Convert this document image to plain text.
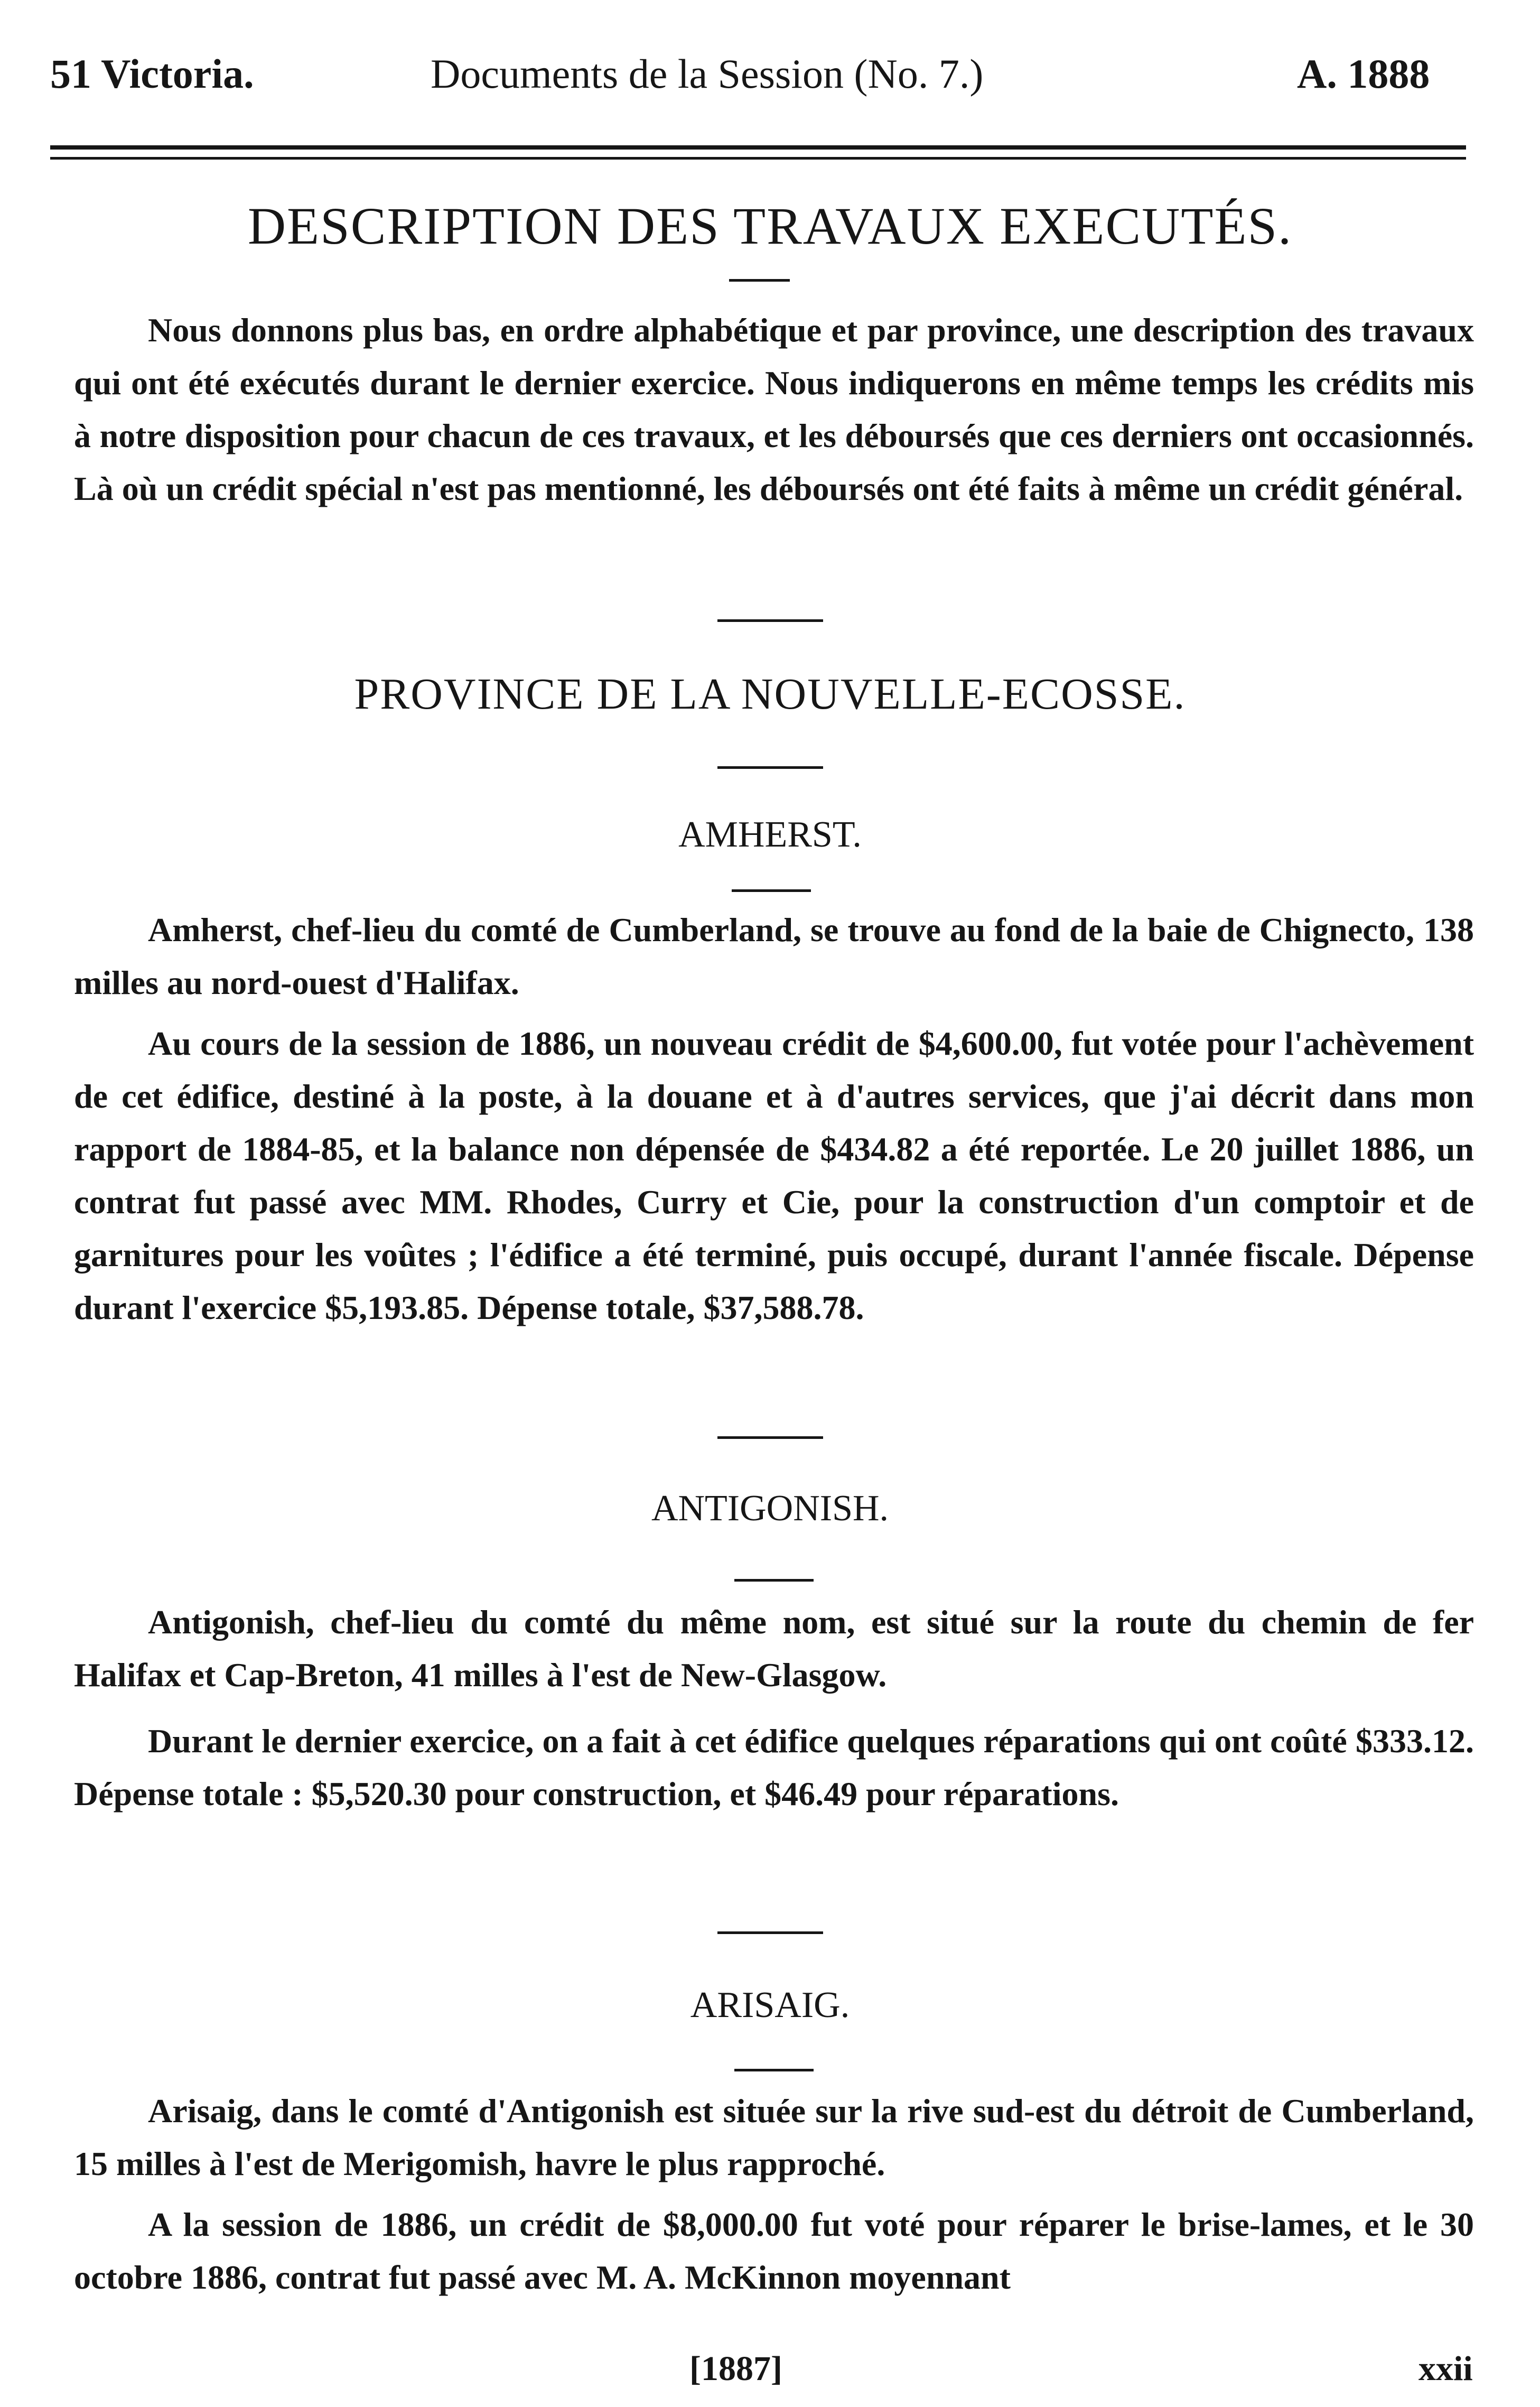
51 Victoria.	Documents de la Session (No. 7.)	A. 1888
DESCRIPTION DES TRAVAUX EXECUTÉS.
Nous donnons plus bas, en ordre alphabétique et par province, une description des travaux qui ont été exécutés durant le dernier exercice. Nous indiquerons en même temps les crédits mis à notre disposition pour chacun de ces travaux, et les déboursés que ces derniers ont occasionnés. Là où un crédit spécial n'est pas mentionné, les déboursés ont été faits à même un crédit général.
PROVINCE DE LA NOUVELLE-ECOSSE.
AMHERST.
Amherst, chef-lieu du comté de Cumberland, se trouve au fond de la baie de Chignecto, 138 milles au nord-ouest d'Halifax.
Au cours de la session de 1886, un nouveau crédit de $4,600.00, fut votée pour l'achèvement de cet édifice, destiné à la poste, à la douane et à d'autres services, que j'ai décrit dans mon rapport de 1884-85, et la balance non dépensée de $434.82 a été reportée. Le 20 juillet 1886, un contrat fut passé avec MM. Rhodes, Curry et Cie, pour la construction d'un comptoir et de garnitures pour les voûtes ; l'édifice a été terminé, puis occupé, durant l'année fiscale. Dépense durant l'exercice $5,193.85. Dépense totale, $37,588.78.
ANTIGONISH.
Antigonish, chef-lieu du comté du même nom, est situé sur la route du chemin de fer Halifax et Cap-Breton, 41 milles à l'est de New-Glasgow.
Durant le dernier exercice, on a fait à cet édifice quelques réparations qui ont coûté $333.12. Dépense totale : $5,520.30 pour construction, et $46.49 pour réparations.
ARISAIG.
Arisaig, dans le comté d'Antigonish est située sur la rive sud-est du détroit de Cumberland, 15 milles à l'est de Merigomish, havre le plus rapproché.
A la session de 1886, un crédit de $8,000.00 fut voté pour réparer le brise-lames, et le 30 octobre 1886, contrat fut passé avec M. A. McKinnon moyennant
[1887]	xxii
